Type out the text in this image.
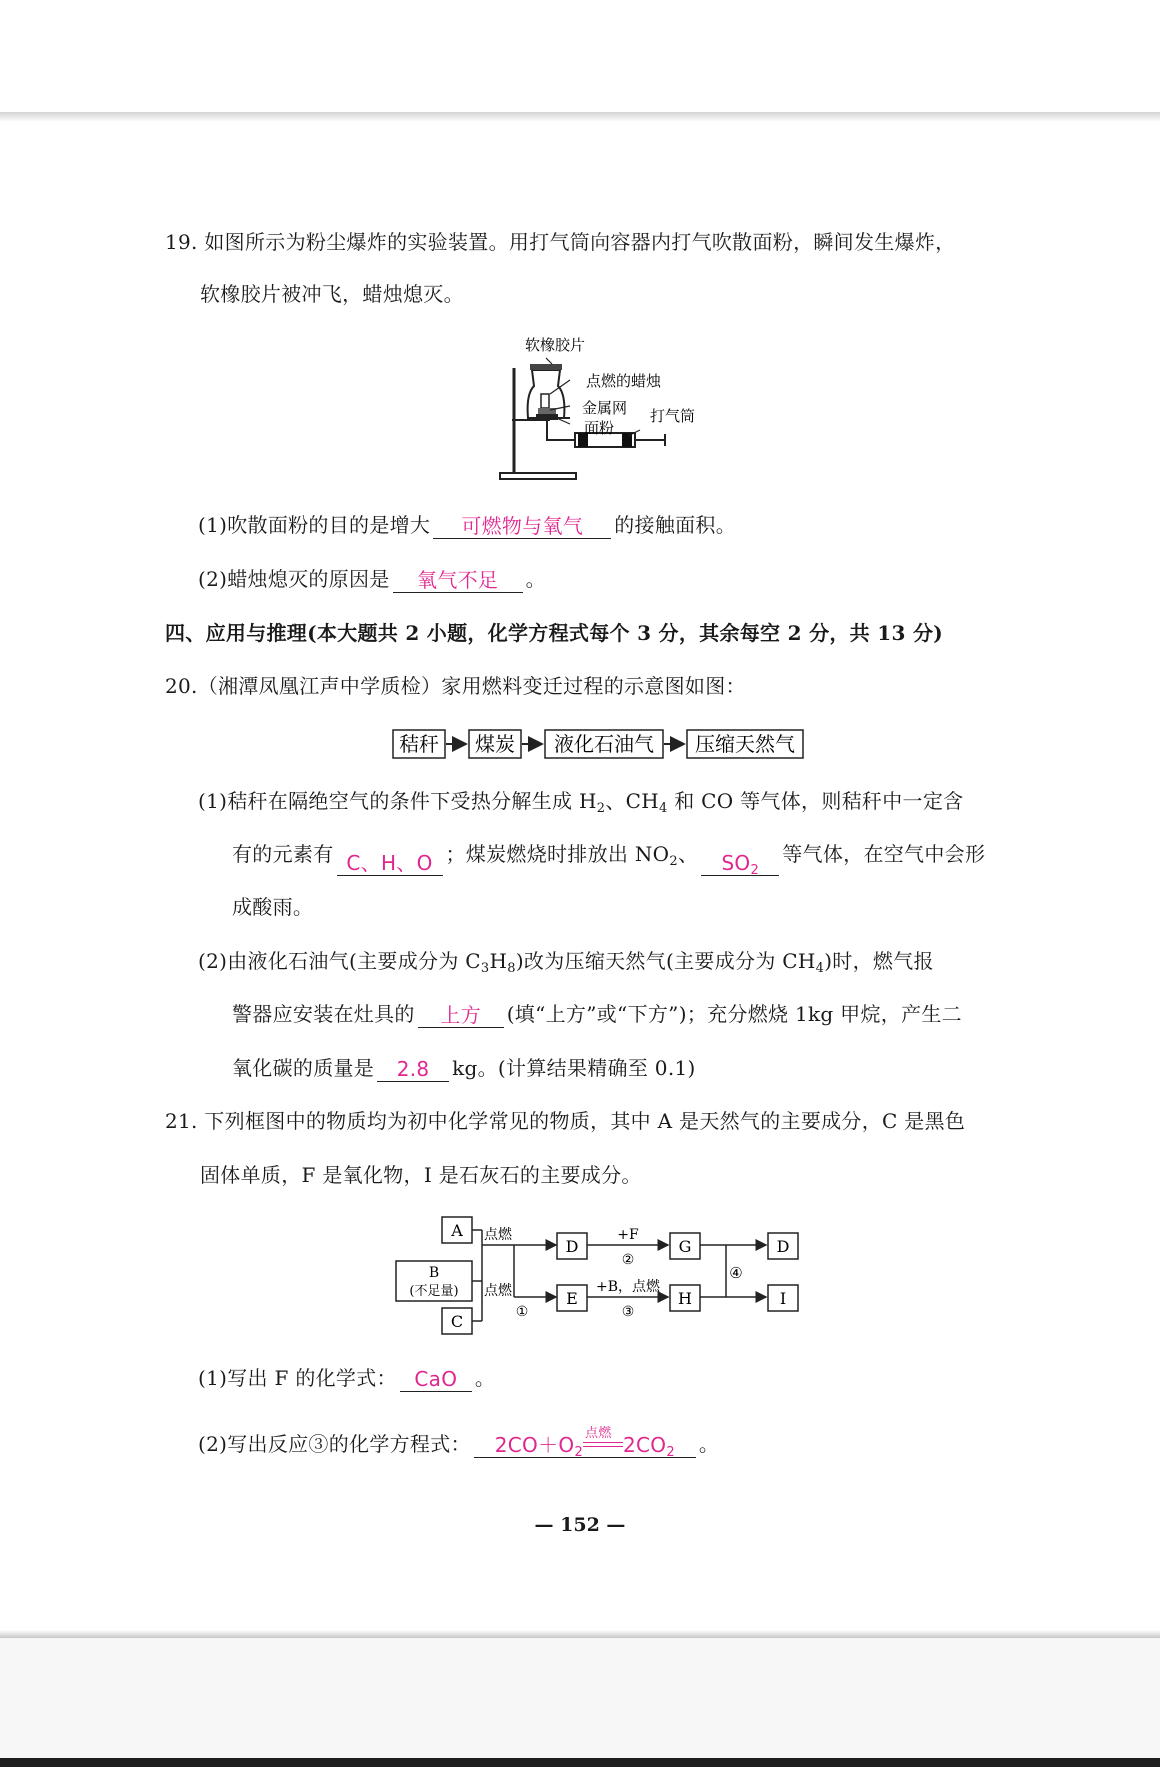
19. 如图所示为粉尘爆炸的实验装置。用打气筒向容器内打气吹散面粉，瞬间发生爆炸，
软橡胶片被冲飞，蜡烛熄灭。
软橡胶片
点燃的蜡烛
金属网
面粉
打气筒
(1)吹散面粉的目的是增大 可燃物与氧气 的接触面积。
(2)蜡烛熄灭的原因是 氧气不足 。
四、应用与推理(本大题共 2 小题，化学方程式每个 3 分，其余每空 2 分，共 13 分)
20.（湘潭凤凰江声中学质检）家用燃料变迁过程的示意图如图：
秸秆 煤炭 液化石油气 压缩天然气
(1)秸秆在隔绝空气的条件下受热分解生成 $H_2$、$CH_4$ 和 CO 等气体，则秸秆中一定含
有的元素有 C、H、O ；煤炭燃烧时排放出 $NO_2$、 $SO_2$等气体，在空气中会形
成酸雨。
(2)由液化石油气(主要成分为 $C_3H_8$)改为压缩天然气(主要成分为 $CH_4$)时，燃气报
警器应安装在灶具的 上方 (填“上方”或“下方”)；充分燃烧 1kg 甲烷，产生二
氧化碳的质量是 2.8 kg。(计算结果精确至 0.1)
21. 下列框图中的物质均为初中化学常见的物质，其中 A 是天然气的主要成分，C 是黑色
固体单质，F 是氧化物，I 是石灰石的主要成分。
A
B
(不足量)
C
D
E
G
H
D
I
点燃
点燃
①
+F
②
+B，点燃
③
④
(1)写出 F 的化学式： CaO 。
(2)写出反应③的化学方程式： $2CO+O_2$
点燃 $2CO_2$ 。
— 152 —
